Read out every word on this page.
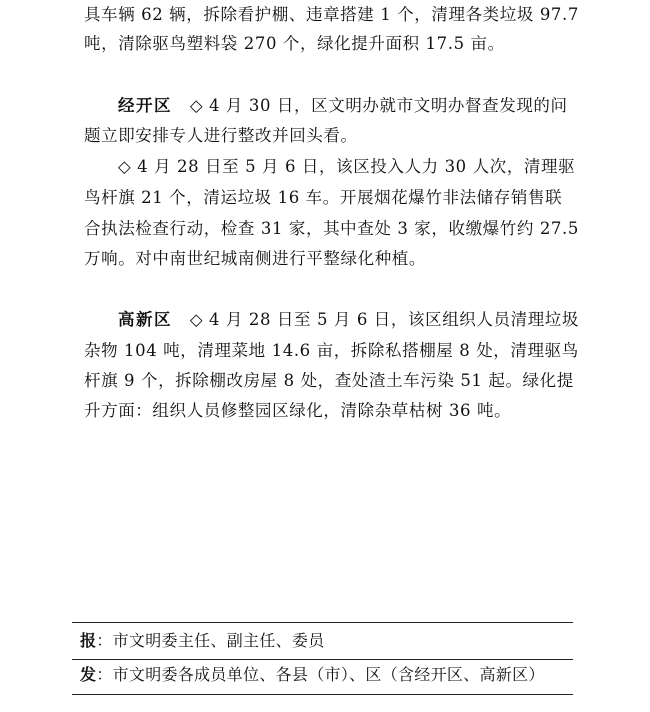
具车辆 62 辆，拆除看护棚、违章搭建 1 个，清理各类垃圾 97.7
吨，清除驱鸟塑料袋 270 个，绿化提升面积 17.5 亩。
经开区 ◇ 4 月 30 日，区文明办就市文明办督查发现的问
题立即安排专人进行整改并回头看。
◇ 4 月 28 日至 5 月 6 日，该区投入人力 30 人次，清理驱
鸟杆旗 21 个，清运垃圾 16 车。开展烟花爆竹非法储存销售联
合执法检查行动，检查 31 家，其中查处 3 家，收缴爆竹约 27.5
万响。对中南世纪城南侧进行平整绿化种植。
高新区 ◇ 4 月 28 日至 5 月 6 日，该区组织人员清理垃圾
杂物 104 吨，清理菜地 14.6 亩，拆除私搭棚屋 8 处，清理驱鸟
杆旗 9 个，拆除棚改房屋 8 处，查处渣土车污染 51 起。绿化提
升方面：组织人员修整园区绿化，清除杂草枯树 36 吨。
报：市文明委主任、副主任、委员
发：市文明委各成员单位、各县（市）、区（含经开区、高新区）
